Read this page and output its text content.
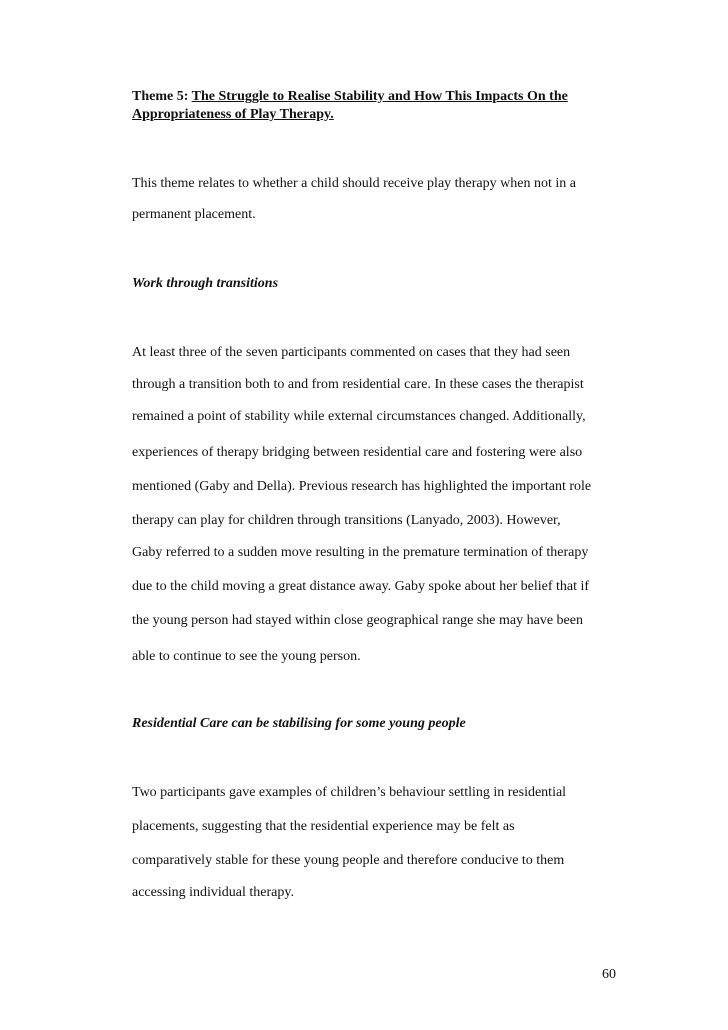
Theme 5: The Struggle to Realise Stability and How This Impacts On the
Appropriateness of Play Therapy.
This theme relates to whether a child should receive play therapy when not in a
permanent placement.
Work through transitions
At least three of the seven participants commented on cases that they had seen
through a transition both to and from residential care. In these cases the therapist
remained a point of stability while external circumstances changed. Additionally,
experiences of therapy bridging between residential care and fostering were also
mentioned (Gaby and Della). Previous research has highlighted the important role
therapy can play for children through transitions (Lanyado, 2003). However,
Gaby referred to a sudden move resulting in the premature termination of therapy
due to the child moving a great distance away. Gaby spoke about her belief that if
the young person had stayed within close geographical range she may have been
able to continue to see the young person.
Residential Care can be stabilising for some young people
Two participants gave examples of children’s behaviour settling in residential
placements, suggesting that the residential experience may be felt as
comparatively stable for these young people and therefore conducive to them
accessing individual therapy.
60
